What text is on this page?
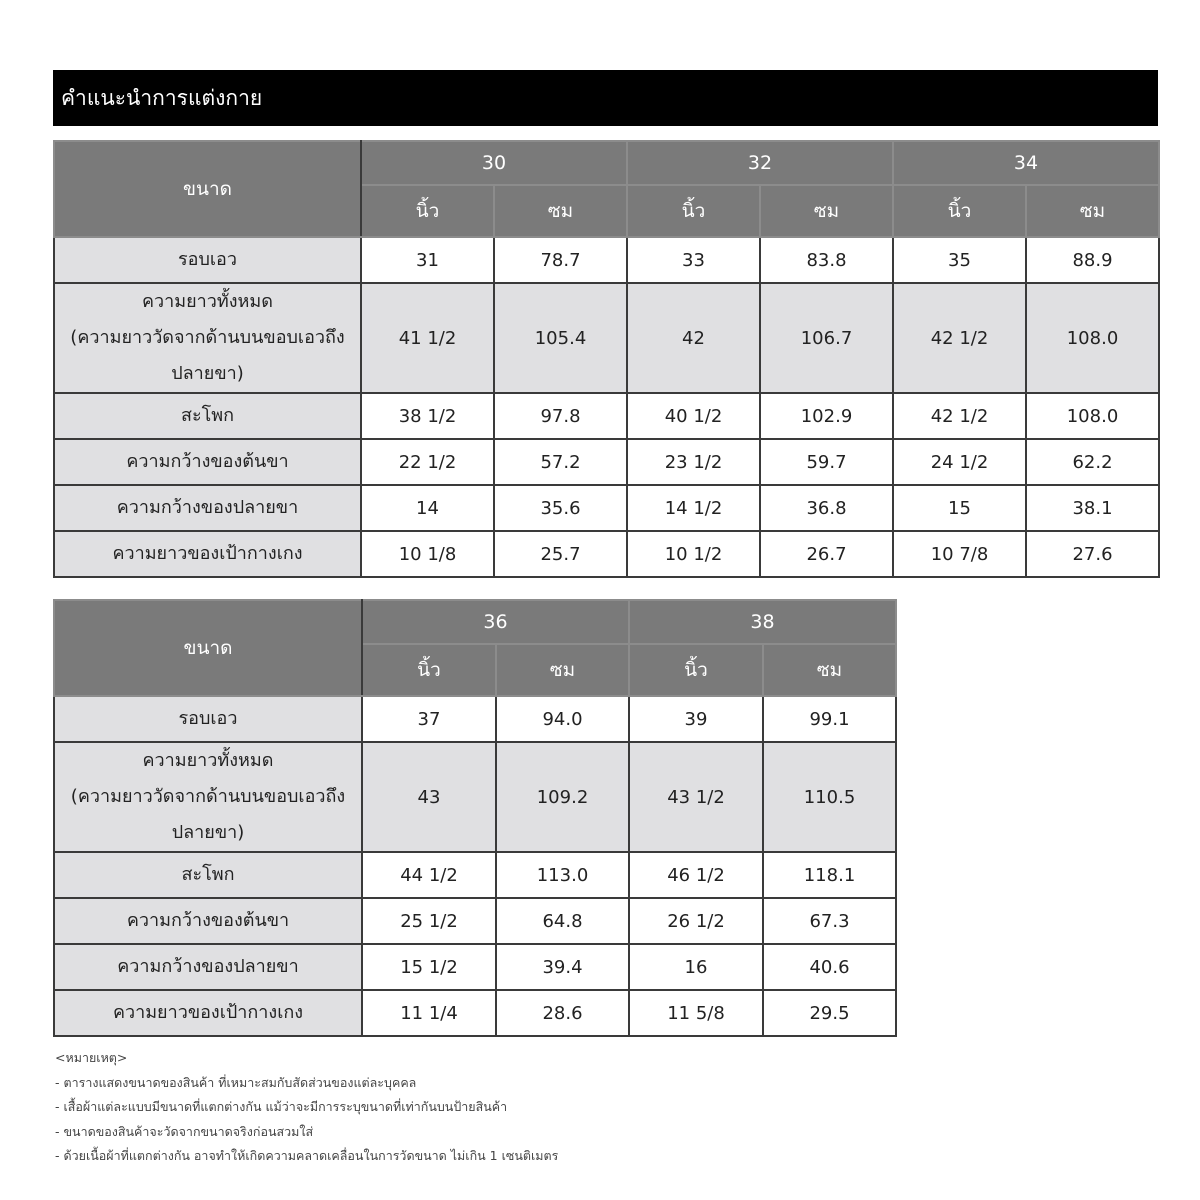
คำแนะนำการแต่งกาย
ขนาด	30		32		34	
	นิ้ว	ซม	นิ้ว	ซม	นิ้ว	ซม

รอบเอว	31	78.7	33	83.8	35	88.9

ความยาวทั้งหมด
(ความยาววัดจากด้านบนขอบเอวถึง
ปลายขา)	41 1/2	105.4	42	106.7	42 1/2	108.0

สะโพก	38 1/2	97.8	40 1/2	102.9	42 1/2	108.0

ความกว้างของต้นขา	22 1/2	57.2	23 1/2	59.7	24 1/2	62.2

ความกว้างของปลายขา	14	35.6	14 1/2	36.8	15	38.1

ความยาวของเป้ากางเกง	10 1/8	25.7	10 1/2	26.7	10 7/8	27.6
ขนาด	36		38	
	นิ้ว	ซม	นิ้ว	ซม

รอบเอว	37	94.0	39	99.1

ความยาวทั้งหมด
(ความยาววัดจากด้านบนขอบเอวถึง
ปลายขา)	43	109.2	43 1/2	110.5

สะโพก	44 1/2	113.0	46 1/2	118.1

ความกว้างของต้นขา	25 1/2	64.8	26 1/2	67.3

ความกว้างของปลายขา	15 1/2	39.4	16	40.6

ความยาวของเป้ากางเกง	11 1/4	28.6	11 5/8	29.5
<หมายเหตุ>
- ตารางแสดงขนาดของสินค้า ที่เหมาะสมกับสัดส่วนของแต่ละบุคคล
- เสื้อผ้าแต่ละแบบมีขนาดที่แตกต่างกัน แม้ว่าจะมีการระบุขนาดที่เท่ากันบนป้ายสินค้า
- ขนาดของสินค้าจะวัดจากขนาดจริงก่อนสวมใส่
- ด้วยเนื้อผ้าที่แตกต่างกัน อาจทำให้เกิดความคลาดเคลื่อนในการวัดขนาด ไม่เกิน 1 เซนติเมตร
